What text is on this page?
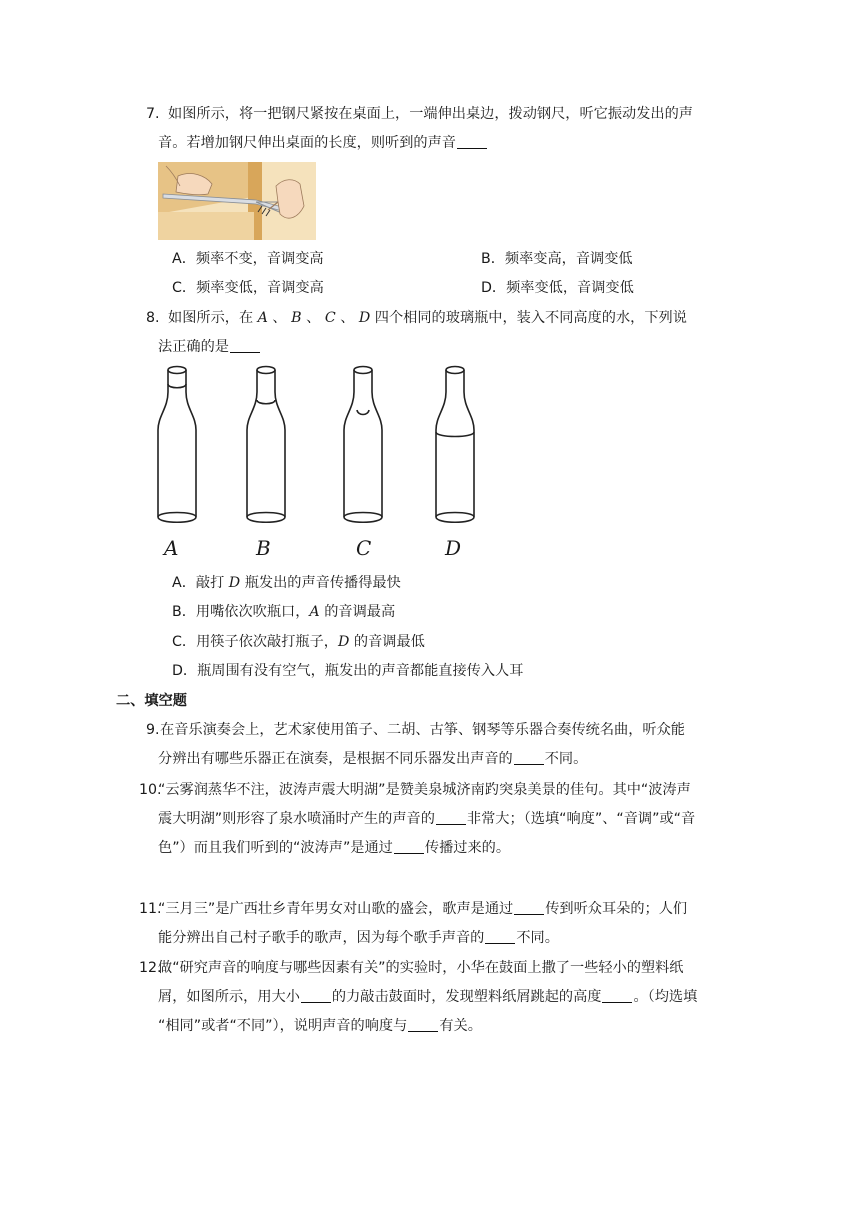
7. 如图所示，将一把钢尺紧按在桌面上，一端伸出桌边，拨动钢尺，听它振动发出的声
音。若增加钢尺伸出桌面的长度，则听到的声音
A．频率不变，音调变高	B．频率变高，音调变低
C．频率变低，音调变高	D．频率变低，音调变低
8. 如图所示，在 A 、 B 、 C 、 D 四个相同的玻璃瓶中，装入不同高度的水，下列说
法正确的是
A	B	C	D
A．敲打 D 瓶发出的声音传播得最快
B．用嘴依次吹瓶口，A 的音调最高
C．用筷子依次敲打瓶子，D 的音调最低
D．瓶周围有没有空气，瓶发出的声音都能直接传入人耳
二、填空题
9.在音乐演奏会上，艺术家使用笛子、二胡、古筝、钢琴等乐器合奏传统名曲，听众能
分辨出有哪些乐器正在演奏，是根据不同乐器发出声音的 不同。
10.“云雾润蒸华不注，波涛声震大明湖”是赞美泉城济南趵突泉美景的佳句。其中“波涛声
震大明湖”则形容了泉水喷涌时产生的声音的 非常大；（选填“响度”、“音调”或“音
色”）而且我们听到的“波涛声”是通过 传播过来的。
11.“三月三”是广西壮乡青年男女对山歌的盛会，歌声是通过 传到听众耳朵的；人们
能分辨出自己村子歌手的歌声，因为每个歌手声音的 不同。
12.做“研究声音的响度与哪些因素有关”的实验时，小华在鼓面上撒了一些轻小的塑料纸
屑，如图所示，用大小 的力敲击鼓面时，发现塑料纸屑跳起的高度 。（均选填
“相同”或者“不同”），说明声音的响度与 有关。
